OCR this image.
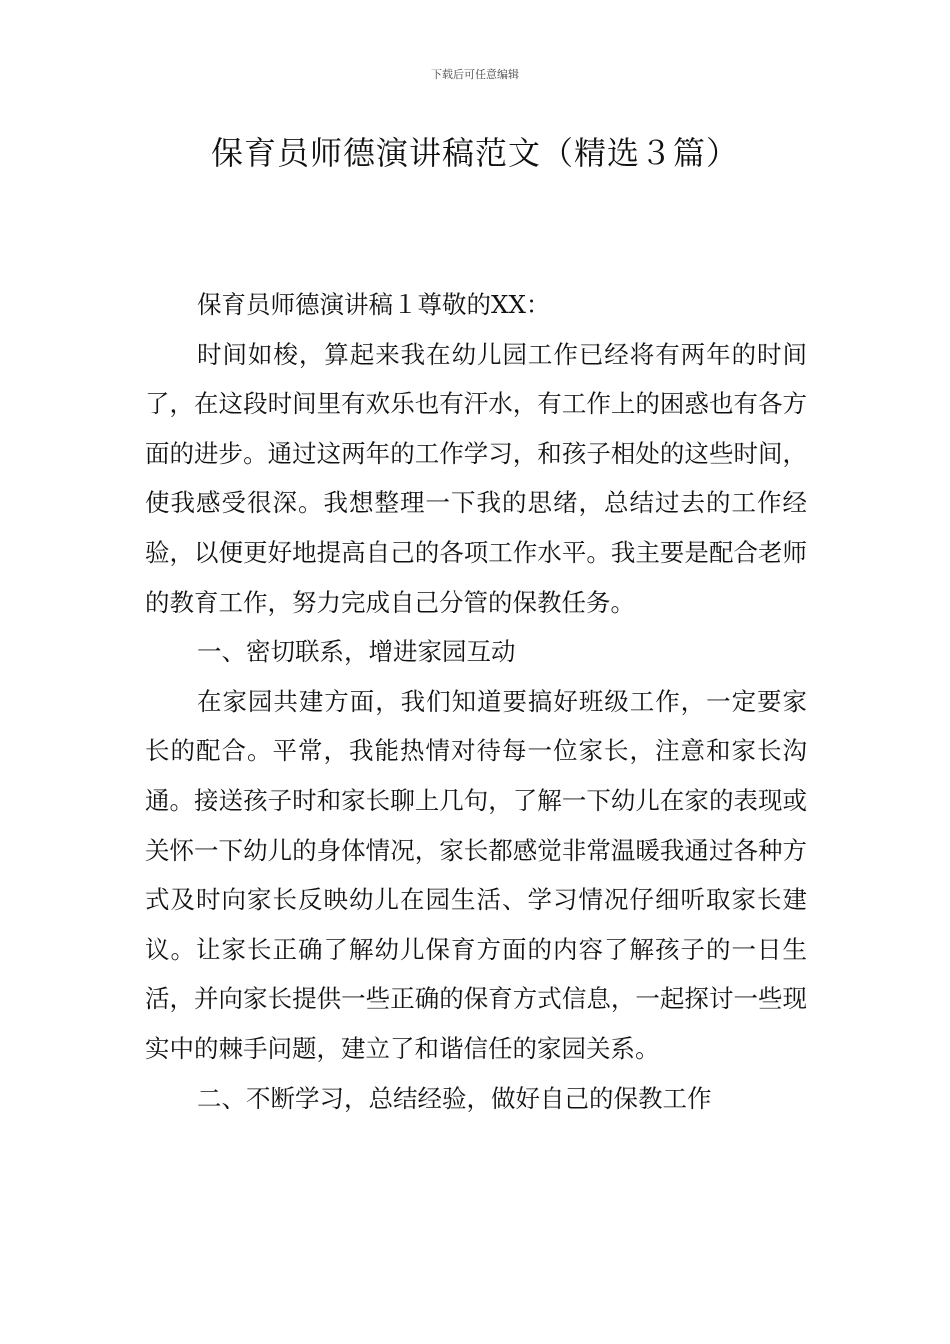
下载后可任意编辑
保育员师德演讲稿范文（精选３篇）

保育员师德演讲稿１尊敬的XX：

时间如梭，算起来我在幼儿园工作已经将有两年的时间了，在这段时间里有欢乐也有汗水，有工作上的困惑也有各方面的进步。通过这两年的工作学习，和孩子相处的这些时间，使我感受很深。我想整理一下我的思绪，总结过去的工作经验，以便更好地提高自己的各项工作水平。我主要是配合老师的教育工作，努力完成自己分管的保教任务。

一、密切联系，增进家园互动

在家园共建方面，我们知道要搞好班级工作，一定要家长的配合。平常，我能热情对待每一位家长，注意和家长沟通。接送孩子时和家长聊上几句，了解一下幼儿在家的表现或关怀一下幼儿的身体情况，家长都感觉非常温暖我通过各种方式及时向家长反映幼儿在园生活、学习情况仔细听取家长建议。让家长正确了解幼儿保育方面的内容了解孩子的一日生活，并向家长提供一些正确的保育方式信息，一起探讨一些现实中的棘手问题，建立了和谐信任的家园关系。

二、不断学习，总结经验，做好自己的保教工作
